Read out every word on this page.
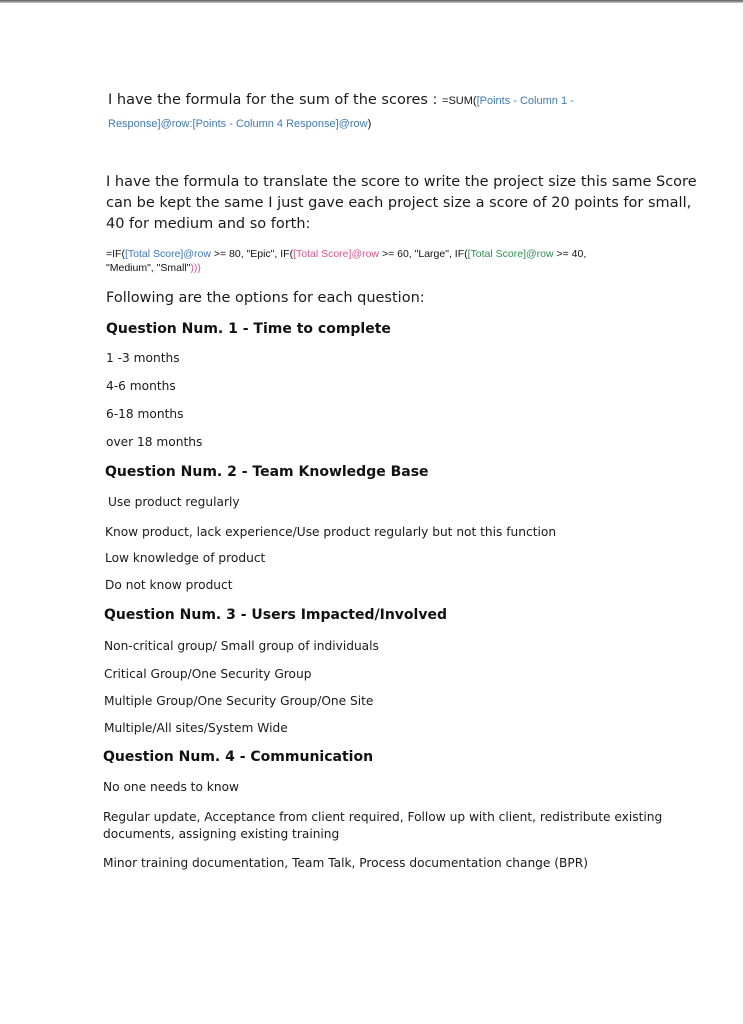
I have the formula for the sum of the scores : =SUM([Points - Column 1 -
Response]@row:[Points - Column 4 Response]@row)
I have the formula to translate the score to write the project size this same Score
can be kept the same I just gave each project size a score of 20 points for small,
40 for medium and so forth:
=IF([Total Score]@row >= 80, "Epic", IF([Total Score]@row >= 60, "Large", IF([Total Score]@row >= 40,
"Medium", "Small")))
Following are the options for each question:
Question Num. 1 - Time to complete
1 -3 months
4-6 months
6-18 months
over 18 months
Question Num. 2 - Team Knowledge Base
Use product regularly
Know product, lack experience/Use product regularly but not this function
Low knowledge of product
Do not know product
Question Num. 3 - Users Impacted/Involved
Non-critical group/ Small group of individuals
Critical Group/One Security Group
Multiple Group/One Security Group/One Site
Multiple/All sites/System Wide
Question Num. 4 - Communication
No one needs to know
Regular update, Acceptance from client required, Follow up with client, redistribute existing
documents, assigning existing training
Minor training documentation, Team Talk, Process documentation change (BPR)
